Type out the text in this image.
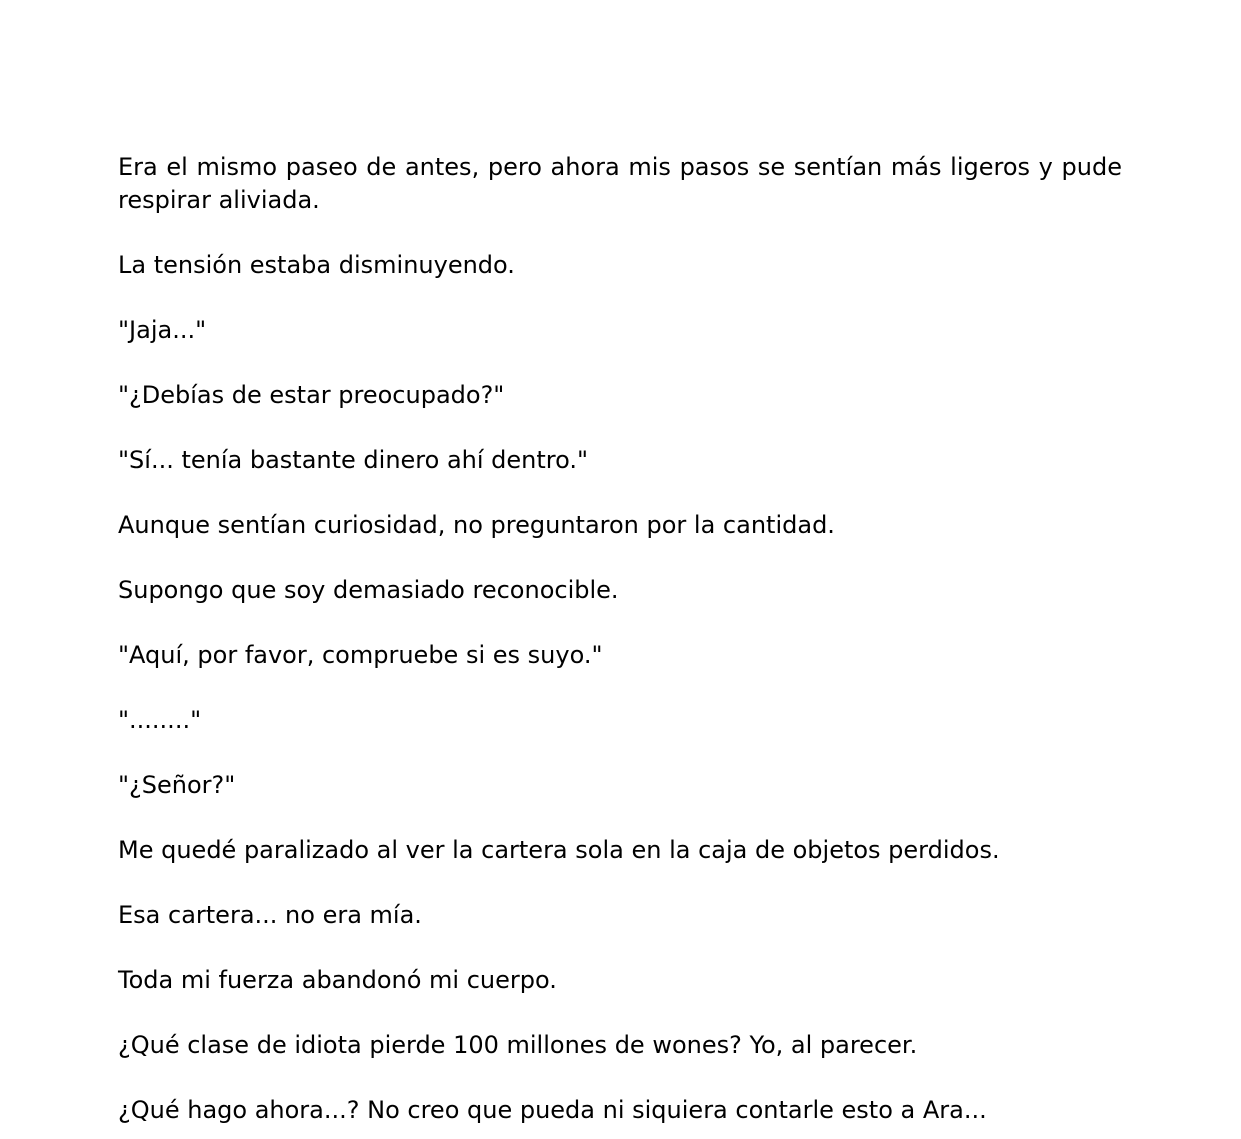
Era el mismo paseo de antes, pero ahora mis pasos se sentían más ligeros y pude respirar aliviada.

La tensión estaba disminuyendo.

"Jaja..."

"¿Debías de estar preocupado?"

"Sí... tenía bastante dinero ahí dentro."

Aunque sentían curiosidad, no preguntaron por la cantidad.

Supongo que soy demasiado reconocible.

"Aquí, por favor, compruebe si es suyo."

"........"

"¿Señor?"

Me quedé paralizado al ver la cartera sola en la caja de objetos perdidos.

Esa cartera... no era mía.

Toda mi fuerza abandonó mi cuerpo.

¿Qué clase de idiota pierde 100 millones de wones? Yo, al parecer.

¿Qué hago ahora...? No creo que pueda ni siquiera contarle esto a Ara...
